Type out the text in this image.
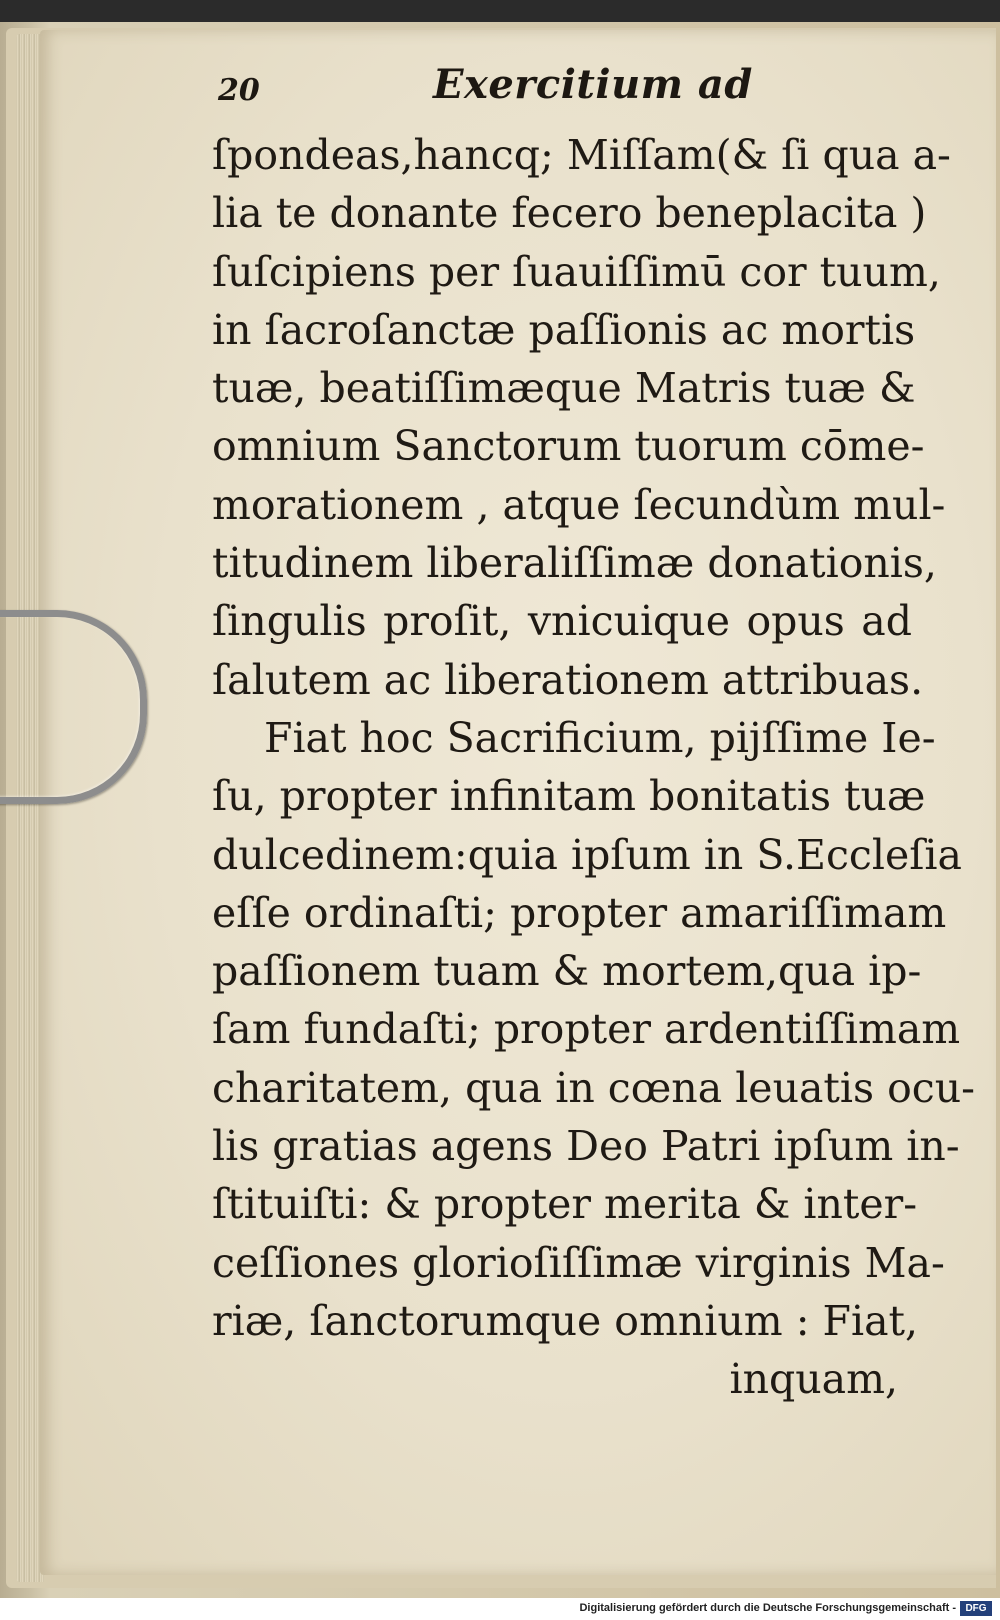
20	Exercitium ad
ſpondeas,hancq; Miſſam(& ſi qua a-
lia te donante fecero beneplacita )
ſuſcipiens per ſuauiſſimū cor tuum,
in ſacroſanctæ paſſionis ac mortis
tuæ, beatiſſimæque Matris tuæ &
omnium Sanctorum tuorum cōme-
morationem , atque ſecundùm mul-
titudinem liberaliſſimæ donationis,
ſingulis proſit, vnicuique opus ad
ſalutem ac liberationem attribuas.
Fiat hoc Sacrificium, pijſſime Ie-
ſu, propter infinitam bonitatis tuæ
dulcedinem:quia ipſum in S.Eccleſia
eſſe ordinaſti; propter amariſſimam
paſſionem tuam & mortem,qua ip-
ſam fundaſti; propter ardentiſſimam
charitatem, qua in cœna leuatis ocu-
lis gratias agens Deo Patri ipſum in-
ſtituiſti: & propter merita & inter-
ceſſiones glorioſiſſimæ virginis Ma-
riæ, ſanctorumque omnium : Fiat,
inquam,
Digitalisierung gefördert durch die Deutsche Forschungsgemeinschaft - DFG
